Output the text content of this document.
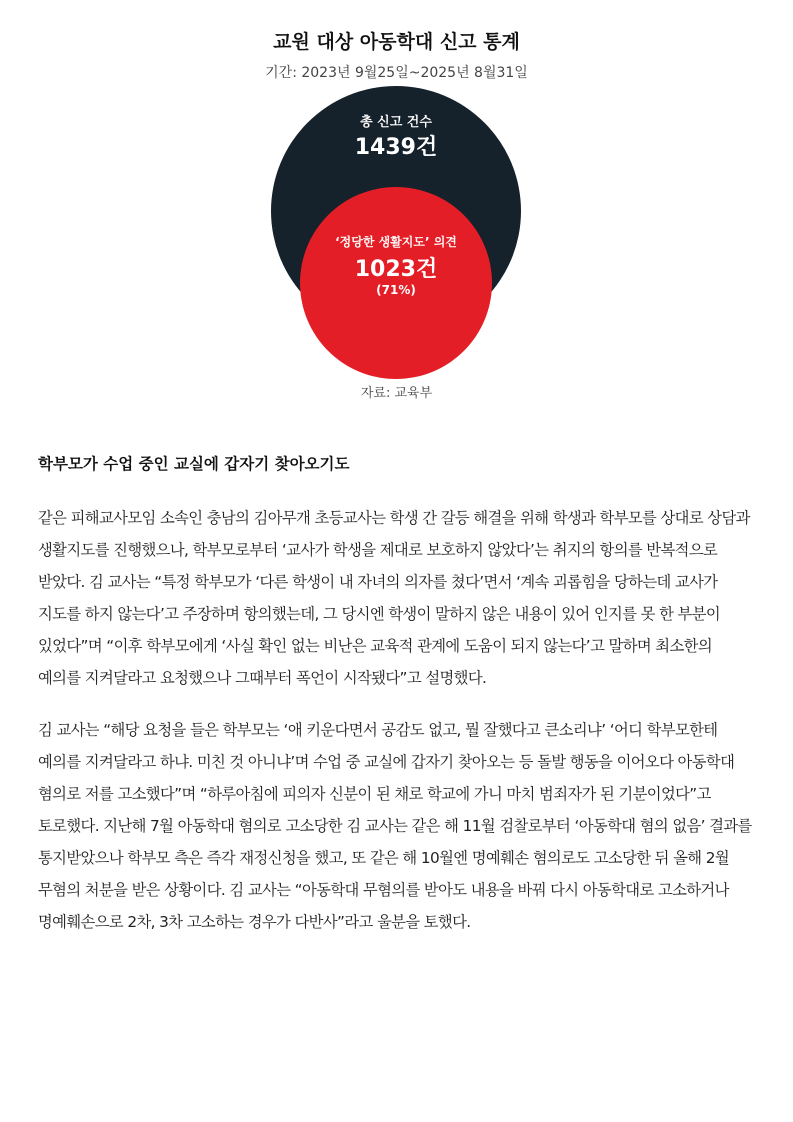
교원 대상 아동학대 신고 통계
기간: 2023년 9월25일~2025년 8월31일
총 신고 건수
1439건
‘정당한 생활지도’ 의견
1023건
(71%)
자료: 교육부
학부모가 수업 중인 교실에 갑자기 찾아오기도

같은 피해교사모임 소속인 충남의 김아무개 초등교사는 학생 간 갈등 해결을 위해 학생과 학부모를 상대로 상담과 생활지도를 진행했으나, 학부모로부터 ‘교사가 학생을 제대로 보호하지 않았다’는 취지의 항의를 반복적으로 받았다. 김 교사는 “특정 학부모가 ‘다른 학생이 내 자녀의 의자를 쳤다’면서 ‘계속 괴롭힘을 당하는데 교사가 지도를 하지 않는다’고 주장하며 항의했는데, 그 당시엔 학생이 말하지 않은 내용이 있어 인지를 못 한 부분이 있었다”며 “이후 학부모에게 ‘사실 확인 없는 비난은 교육적 관계에 도움이 되지 않는다’고 말하며 최소한의 예의를 지켜달라고 요청했으나 그때부터 폭언이 시작됐다”고 설명했다.

김 교사는 “해당 요청을 들은 학부모는 ‘애 키운다면서 공감도 없고, 뭘 잘했다고 큰소리냐’ ‘어디 학부모한테 예의를 지켜달라고 하냐. 미친 것 아니냐’며 수업 중 교실에 갑자기 찾아오는 등 돌발 행동을 이어오다 아동학대 혐의로 저를 고소했다”며 “하루아침에 피의자 신분이 된 채로 학교에 가니 마치 범죄자가 된 기분이었다”고 토로했다. 지난해 7월 아동학대 혐의로 고소당한 김 교사는 같은 해 11월 검찰로부터 ‘아동학대 혐의 없음’ 결과를 통지받았으나 학부모 측은 즉각 재정신청을 했고, 또 같은 해 10월엔 명예훼손 혐의로도 고소당한 뒤 올해 2월 무혐의 처분을 받은 상황이다. 김 교사는 “아동학대 무혐의를 받아도 내용을 바꿔 다시 아동학대로 고소하거나 명예훼손으로 2차, 3차 고소하는 경우가 다반사”라고 울분을 토했다.
